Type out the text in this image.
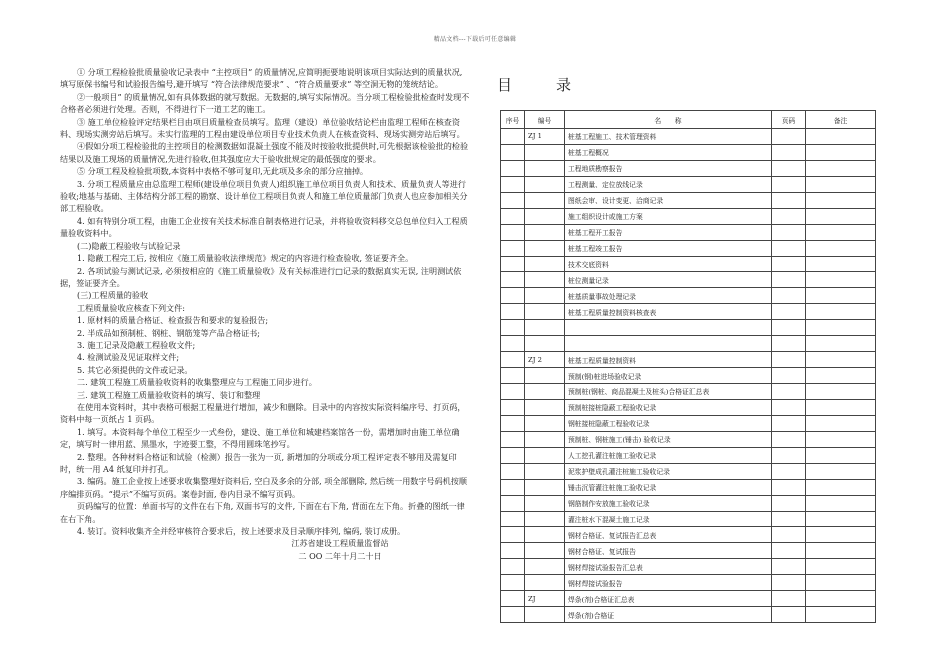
精品文档---下载后可任意编辑

① 分项工程检验批质量验收记录表中 “主控项目” 的质量情况,应简明扼要地说明该项目实际达到的质量状况,填写原保书编号和试验报告编号,避开填写 “符合法律规范要求” 、“符合质量要求” 等空洞无物的笼统结论。

②一般项目” 的质量情况,如有具体数据的就写数据。无数据的,填写实际情况。当分项工程检验批检查时发现不合格者必须进行处理。否则，不得进行下一道工艺的施工。

③ 施工单位检验评定结果栏目由项目质量检查员填写。监理（建设）单位验收结论栏由监理工程师在核查资料、现场实测旁站后填写。未实行监理的工程由建设单位项目专业技术负责人在核查资料、现场实测旁站后填写。

④假如分项工程检验批的主控项目的检测数据如混凝土强度不能及时按验收批提供时,可先根据该检验批的检验结果以及施工现场的质量情况,先进行验收,但其强度应大于验收批规定的最低强度的要求。

⑤ 分项工程及检验批项数,本资料中表格不够可复印,无此项及多余的部分应抽掉。

3. 分项工程质量应由总监理工程师(建设单位项目负责人)组织施工单位项目负责人和技术、质量负责人等进行验收;地基与基础、主体结构分部工程的勘察、设计单位工程项目负责人和施工单位质量部门负责人也应参加相关分部工程验收。

4. 如有特别分项工程，由施工企业按有关技术标准自制表格进行记录，并将验收资料移交总包单位归入工程质量验收资料中。

(二)隐蔽工程验收与试验记录

1. 隐蔽工程完工后, 按相应《施工质量验收法律规范》规定的内容进行检查验收, 签证要齐全。

2. 各项试验与测试记录, 必须按相应的《施工质量验收》及有关标准进行□记录的数据真实无误, 注明测试依据，签证要齐全。

(三)工程质量的验收

工程质量验收应核查下列文件:

1. 原材料的质量合格证、检查报告和要求的复验报告;

2. 半成品如预制桩、钢桩、钢筋笼等产品合格证书;

3. 施工记录及隐蔽工程验收文件;

4. 检测试验及见证取样文件;

5. 其它必须提供的文件或记录。

二. 建筑工程施工质量验收资料的收集整理应与工程施工同步进行。

三. 建筑工程施工质量验收资料的填写、装订和整理

在使用本资料时，其中表格可根据工程量进行增加，减少和删除。目录中的内容按实际资料编序号、打页码，资料中每一页纸占 1 页码。

1. 填写。本资料每个单位工程至少一式叁份，建设、施工单位和城建档案馆各一份，需增加时由施工单位确定，填写时一律用蓝、黑墨水，字迹要工整，不得用圆珠笔抄写。

2. 整理。各种材料合格证和试验（检测）报告一张为一页, 新增加的分项或分项工程评定表不够用及需复印时，统一用 A4 纸复印并打孔。

3. 编码。施工企业按上述要求收集整理好资料后, 空白及多余的分部, 项全部删除, 然后统一用数字号码机按顺序编排页码。“提示”不编写页码。案卷封面, 卷内目录不编写页码。

页码编写的位置：单面书写的文件在右下角, 双面书写的文件, 下面在右下角, 背面在左下角。折叠的图纸一律在右下角。

4. 装订。资料收集齐全并经审核符合要求后，按上述要求及目录顺序排列, 编码, 装订成册。

江苏省建设工程质量监督站

二 OO 二年十月二十日

目	录
序号	编号	名　　称	页码	备注
	ZJ 1	桩基工程施工、技术管理资料		
		桩基工程概况		
		工程地质勘察报告		
		工程测量、定位放线记录		
		图纸会审、设计变更、洽商记录		
		施工组织设计或施工方案		
		桩基工程开工报告		
		桩基工程竣工报告		
		技术交底资料		
		桩位测量记录		
		桩基质量事故处理记录		
		桩基工程质量控制资料核查表		

	ZJ 2	桩基工程质量控制资料		
		预制(钢)桩进场验收记录		
		预制桩(钢桩、商品混凝土及桩头)合格证汇总表		
		预制桩接桩隐蔽工程验收记录		
		钢桩接桩隐蔽工程验收记录		
		预制桩、钢桩施工(锤击) 验收记录		
		人工挖孔灌注桩施工验收记录		
		泥浆护壁成孔灌注桩施工验收记录		
		锤击沉管灌注桩施工验收记录		
		钢筋制作安放施工验收记录		
		灌注桩水下混凝土施工记录		
		钢材合格证、复试报告汇总表		
		钢材合格证、复试报告		
		钢材焊接试验报告汇总表		
		钢材焊接试验报告		
	ZJ	焊条(剂)合格证汇总表		
		焊条(剂)合格证		
